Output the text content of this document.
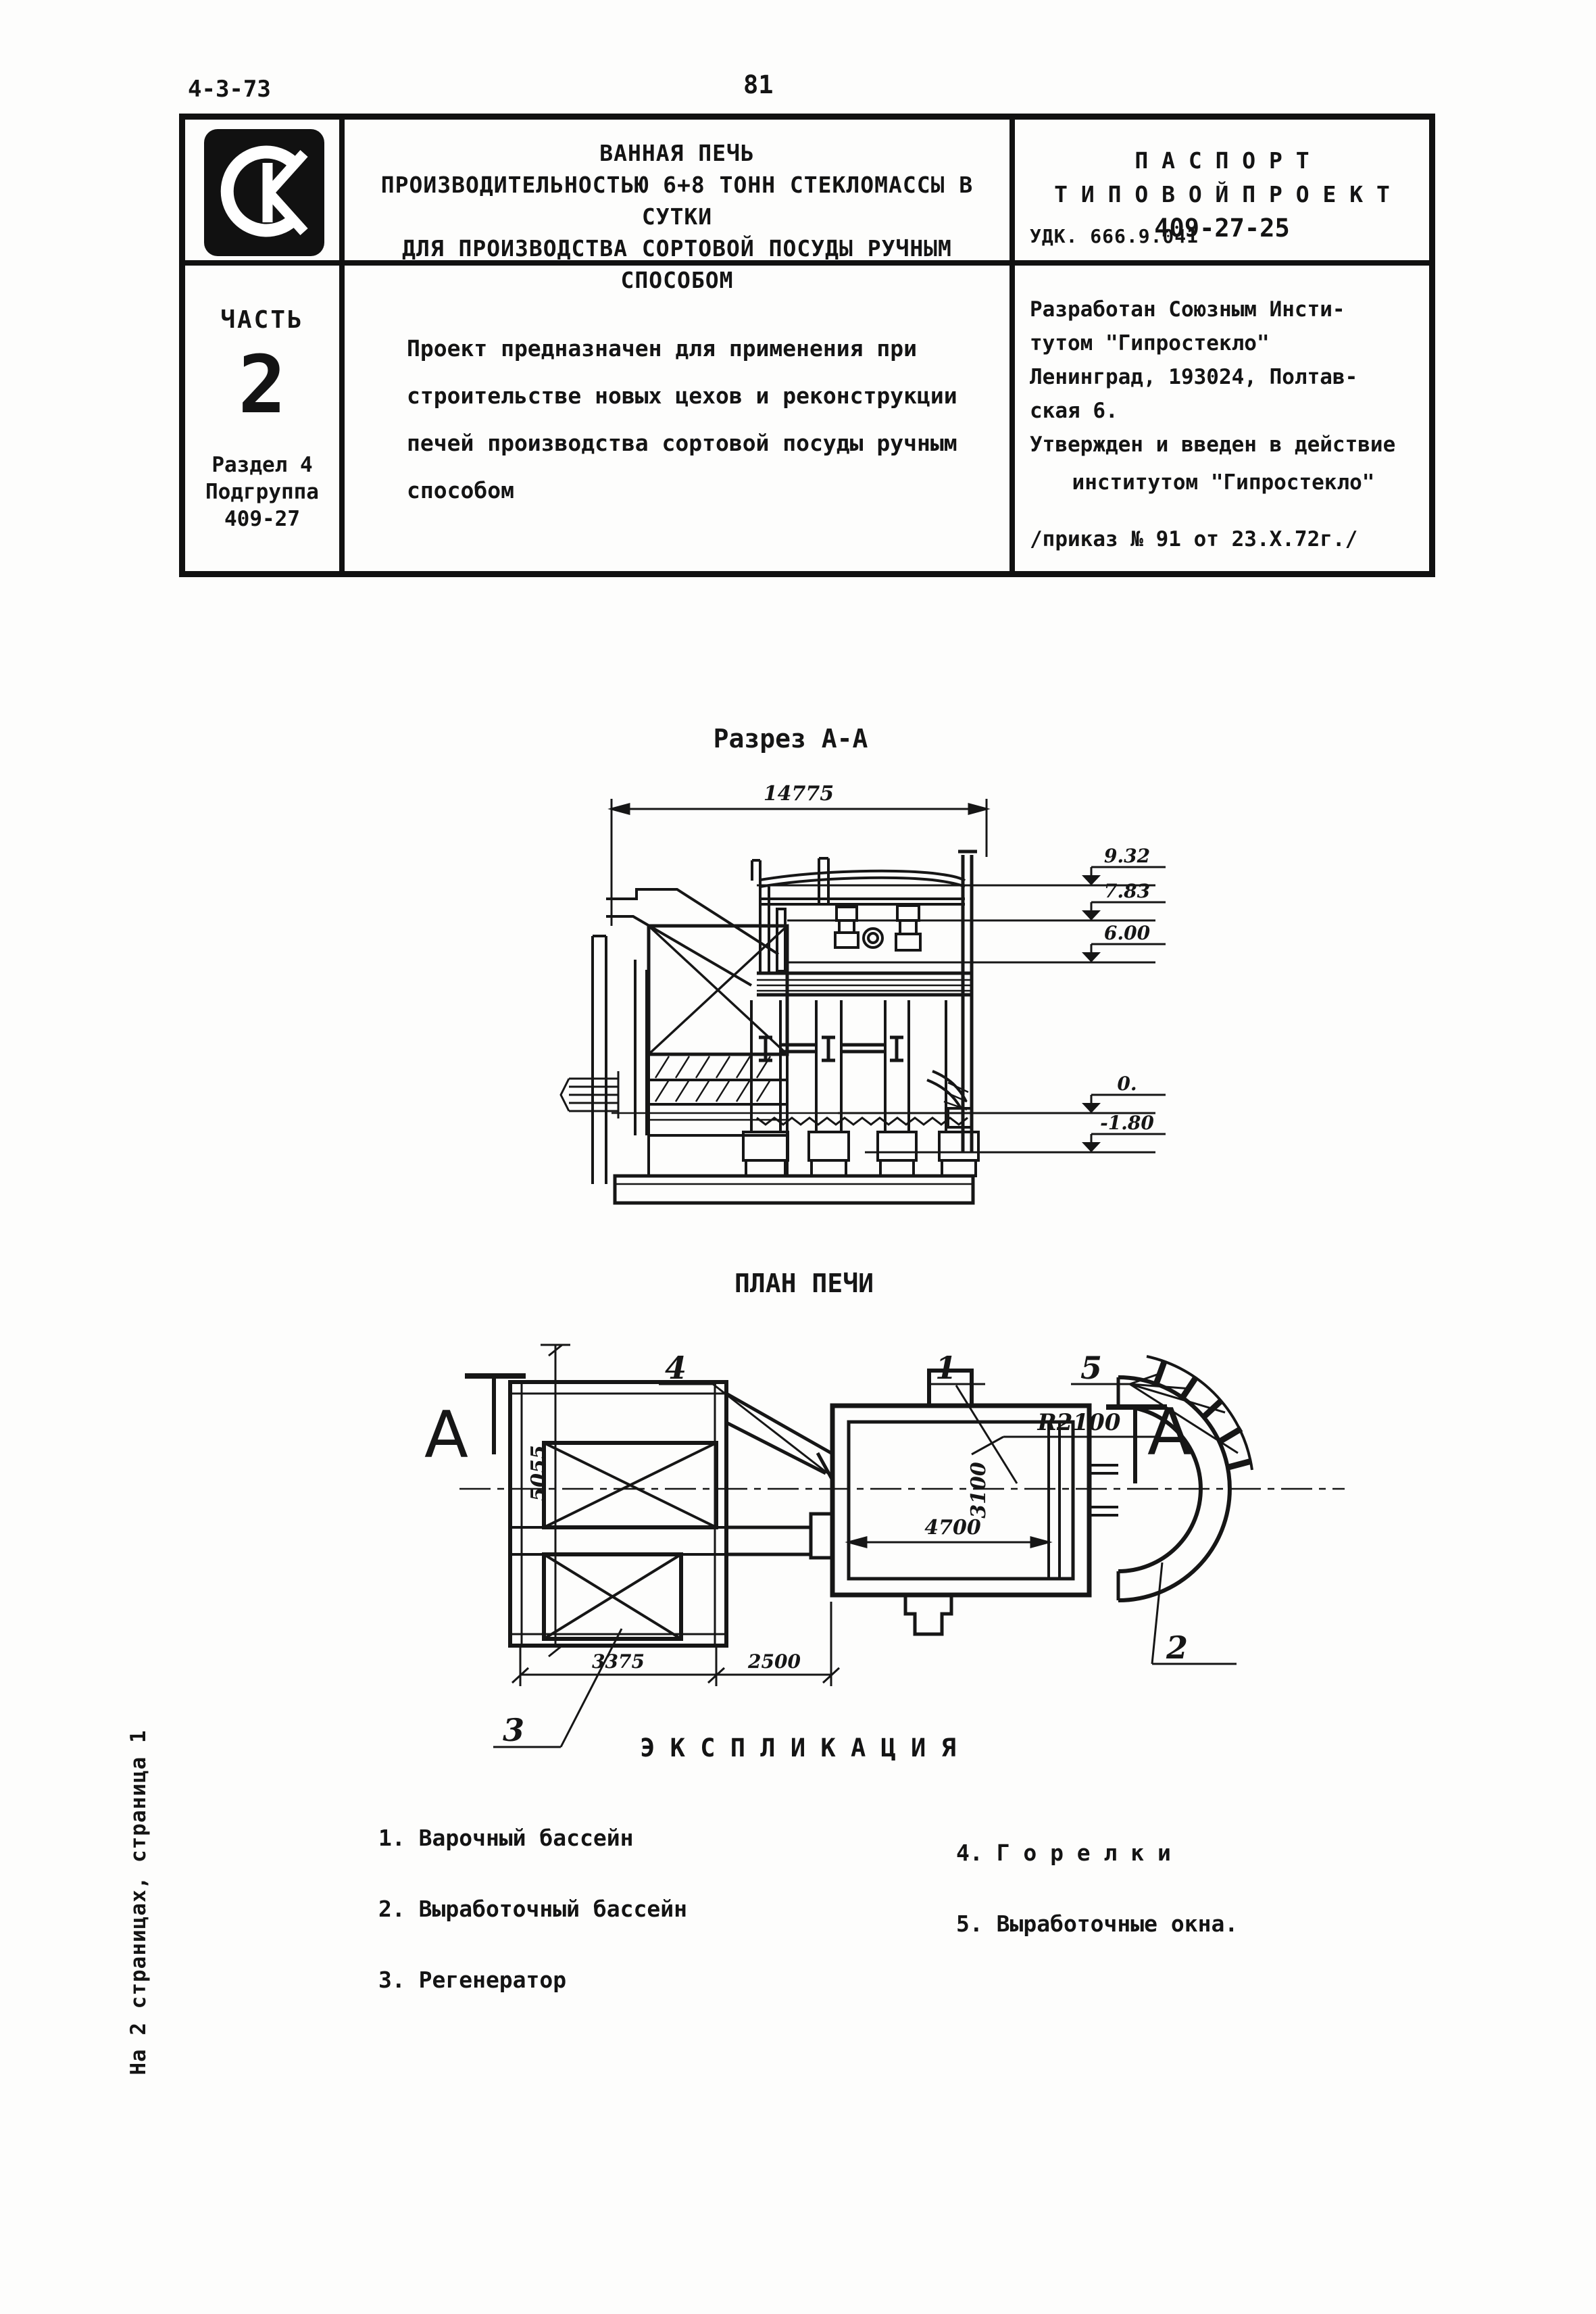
4-3-73	81
ВАННАЯ ПЕЧЬ
ПРОИЗВОДИТЕЛЬНОСТЬЮ 6+8 ТОНН СТЕКЛОМАССЫ В СУТКИ
ДЛЯ ПРОИЗВОДСТВА СОРТОВОЙ ПОСУДЫ РУЧНЫМ СПОСОБОМ
П А С П О Р Т
Т И П О В О Й П Р О Е К Т
409-27-25
УДК. 666.9.041
ЧАСТЬ
2
Раздел 4
Подгруппа
409-27
Проект предназначен для применения при
строительстве новых цехов и реконструкции
печей производства сортовой посуды ручным
способом
Разработан Союзным Инсти-
тутом "Гипростекло"
Ленинград, 193024, Полтав-
ская 6.
Утвержден и введен в действие
институтом "Гипростекло"
/приказ № 91 от 23.X.72г./
Разрез А-А
14775
9.32
7.83
6.00
0.
-1.80
ПЛАН ПЕЧИ
А	А
5055
3375	2500
4700
3100
R2100
4	1	5
2
3	Э К С П Л И К А Ц И Я
1. Варочный бассейн
2. Выработочный бассейн
3. Регенератор
4. Г о р е л к и
5. Выработочные окна.
На 2 страницах, страница 1
